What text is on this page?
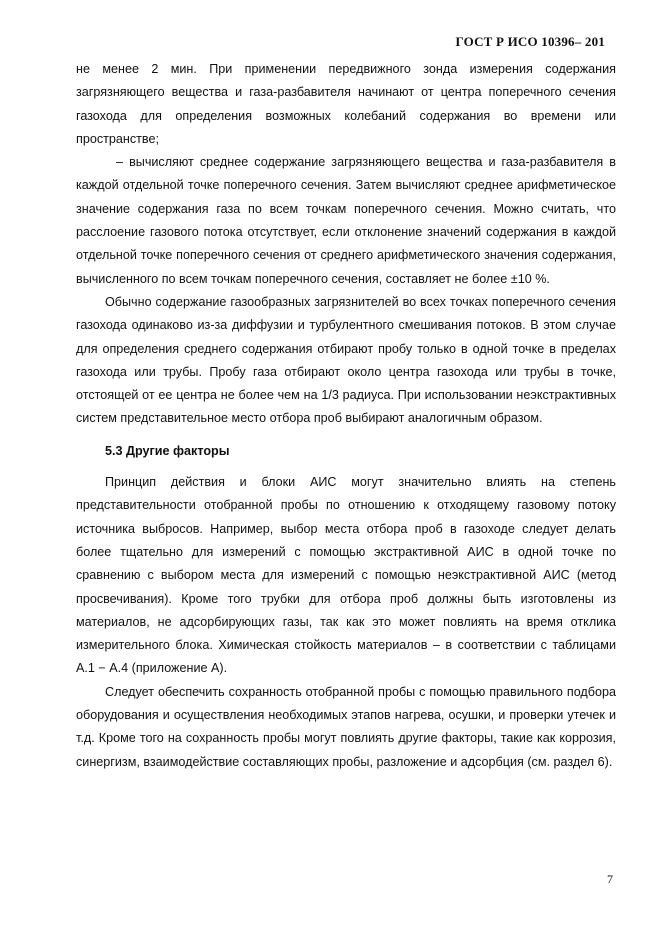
ГОСТ Р ИСО 10396– 201

не менее 2 мин. При применении передвижного зонда измерения содержания загрязняющего вещества и газа-разбавителя начинают от центра поперечного сечения газохода для определения возможных колебаний содержания во времени или пространстве;

– вычисляют среднее содержание загрязняющего вещества и газа-разбавителя в каждой отдельной точке поперечного сечения. Затем вычисляют среднее арифметическое значение содержания газа по всем точкам поперечного сечения. Можно считать, что расслоение газового потока отсутствует, если отклонение значений содержания в каждой отдельной точке поперечного сечения от среднего арифметического значения содержания, вычисленного по всем точкам поперечного сечения, составляет не более ±10 %.

Обычно содержание газообразных загрязнителей во всех точках поперечного сечения газохода одинаково из-за диффузии и турбулентного смешивания потоков. В этом случае для определения среднего содержания отбирают пробу только в одной точке в пределах газохода или трубы. Пробу газа отбирают около центра газохода или трубы в точке, отстоящей от ее центра не более чем на 1/3 радиуса. При использовании неэкстрактивных систем представительное место отбора проб выбирают аналогичным образом.

5.3 Другие факторы

Принцип действия и блоки АИС могут значительно влиять на степень представительности отобранной пробы по отношению к отходящему газовому потоку источника выбросов. Например, выбор места отбора проб в газоходе следует делать более тщательно для измерений с помощью экстрактивной АИС в одной точке по сравнению с выбором места для измерений с помощью неэкстрактивной АИС (метод просвечивания). Кроме того трубки для отбора проб должны быть изготовлены из материалов, не адсорбирующих газы, так как это может повлиять на время отклика измерительного блока. Химическая стойкость материалов – в соответствии с таблицами А.1 − А.4 (приложение А).

Следует обеспечить сохранность отобранной пробы с помощью правильного подбора оборудования и осуществления необходимых этапов нагрева, осушки, и проверки утечек и т.д. Кроме того на сохранность пробы могут повлиять другие факторы, такие как коррозия, синергизм, взаимодействие составляющих пробы, разложение и адсорбция (см. раздел 6).

7
